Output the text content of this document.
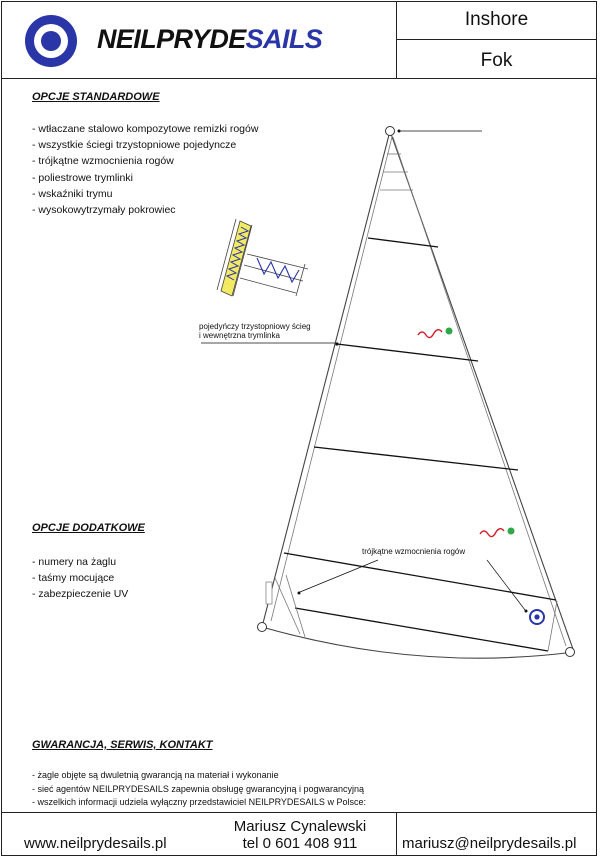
NEILPRYDESAILS
Inshore
Fok
OPCJE STANDARDOWE
- wtłaczane stalowo kompozytowe remizki rogów
- wszystkie ściegi trzystopniowe pojedyncze
- trójkątne wzmocnienia rogów
- poliestrowe trymlinki
- wskaźniki trymu
- wysokowytrzymały pokrowiec
OPCJE DODATKOWE
- numery na żaglu
- taśmy mocujące
- zabezpieczenie UV
pojedyńczy trzystopniowy ścieg
i wewnętrzna trymlinka
trójkątne wzmocnienia rogów
GWARANCJA, SERWIS, KONTAKT
- żagle objęte są dwuletnią gwarancją na materiał i wykonanie
- sieć agentów NEILPRYDESAILS zapewnia obsługę gwarancyjną i pogwarancyjną
- wszelkich informacji udziela wyłączny przedstawiciel NEILPRYDESAILS w Polsce:
www.neilprydesails.pl
Mariusz Cynalewski
tel 0 601 408 911	mariusz@neilprydesails.pl
